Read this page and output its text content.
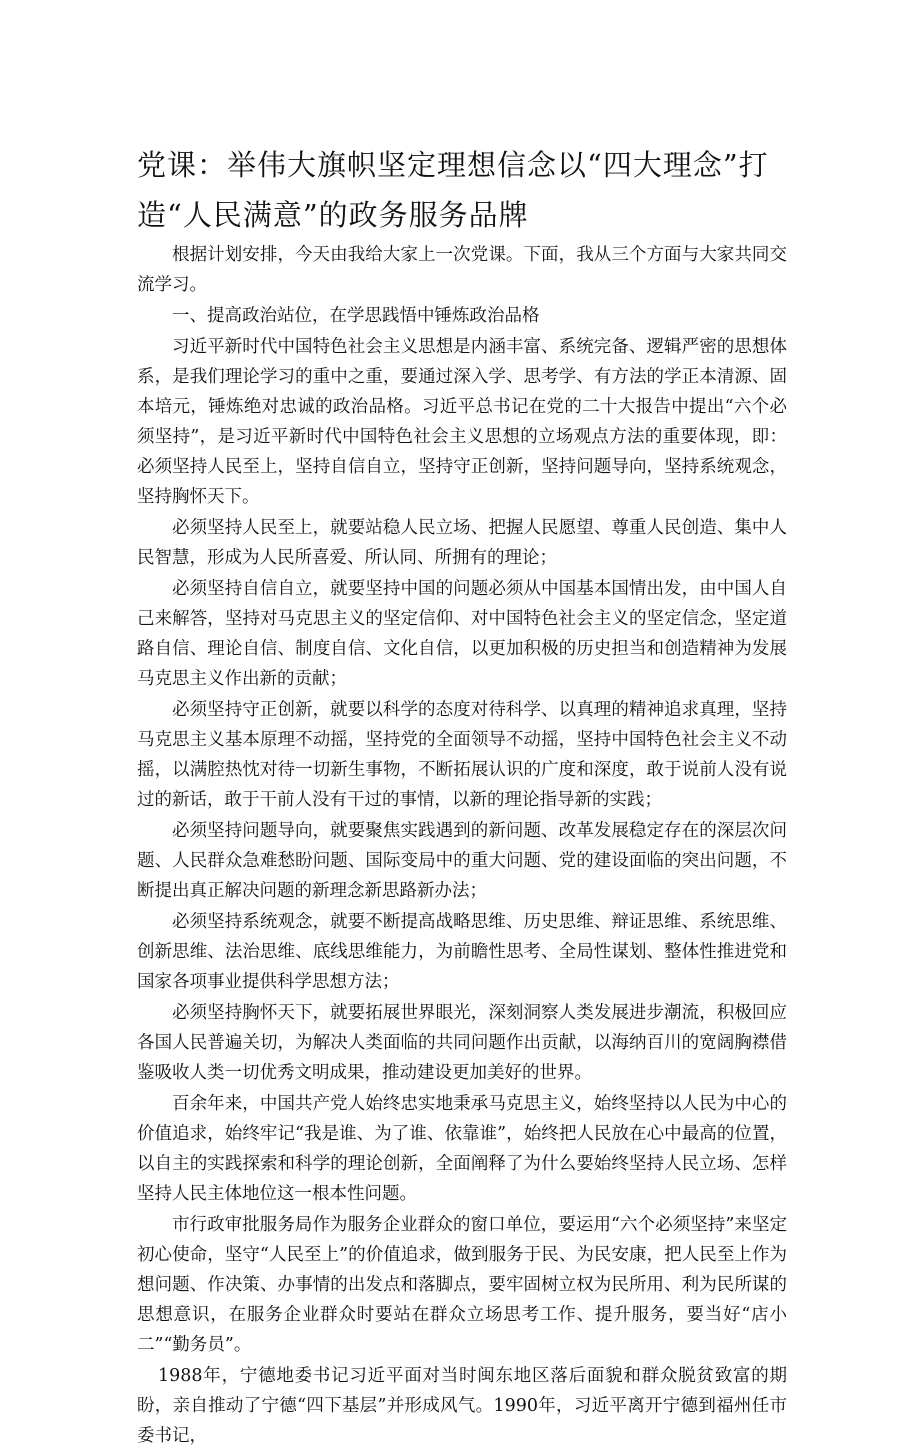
党课：举伟大旗帜坚定理想信念以“四大理念”打造“人民满意”的政务服务品牌

根据计划安排，今天由我给大家上一次党课。下面，我从三个方面与大家共同交流学习。

一、提高政治站位，在学思践悟中锤炼政治品格

习近平新时代中国特色社会主义思想是内涵丰富、系统完备、逻辑严密的思想体系，是我们理论学习的重中之重，要通过深入学、思考学、有方法的学正本清源、固本培元，锤炼绝对忠诚的政治品格。习近平总书记在党的二十大报告中提出“六个必须坚持”，是习近平新时代中国特色社会主义思想的立场观点方法的重要体现，即：必须坚持人民至上，坚持自信自立，坚持守正创新，坚持问题导向，坚持系统观念，坚持胸怀天下。

必须坚持人民至上，就要站稳人民立场、把握人民愿望、尊重人民创造、集中人民智慧，形成为人民所喜爱、所认同、所拥有的理论；

必须坚持自信自立，就要坚持中国的问题必须从中国基本国情出发，由中国人自己来解答，坚持对马克思主义的坚定信仰、对中国特色社会主义的坚定信念，坚定道路自信、理论自信、制度自信、文化自信，以更加积极的历史担当和创造精神为发展马克思主义作出新的贡献；

必须坚持守正创新，就要以科学的态度对待科学、以真理的精神追求真理，坚持马克思主义基本原理不动摇，坚持党的全面领导不动摇，坚持中国特色社会主义不动摇，以满腔热忱对待一切新生事物，不断拓展认识的广度和深度，敢于说前人没有说过的新话，敢于干前人没有干过的事情，以新的理论指导新的实践；

必须坚持问题导向，就要聚焦实践遇到的新问题、改革发展稳定存在的深层次问题、人民群众急难愁盼问题、国际变局中的重大问题、党的建设面临的突出问题，不断提出真正解决问题的新理念新思路新办法；

必须坚持系统观念，就要不断提高战略思维、历史思维、辩证思维、系统思维、创新思维、法治思维、底线思维能力，为前瞻性思考、全局性谋划、整体性推进党和国家各项事业提供科学思想方法；

必须坚持胸怀天下，就要拓展世界眼光，深刻洞察人类发展进步潮流，积极回应各国人民普遍关切，为解决人类面临的共同问题作出贡献，以海纳百川的宽阔胸襟借鉴吸收人类一切优秀文明成果，推动建设更加美好的世界。

百余年来，中国共产党人始终忠实地秉承马克思主义，始终坚持以人民为中心的价值追求，始终牢记“我是谁、为了谁、依靠谁”，始终把人民放在心中最高的位置，以自主的实践探索和科学的理论创新，全面阐释了为什么要始终坚持人民立场、怎样坚持人民主体地位这一根本性问题。

市行政审批服务局作为服务企业群众的窗口单位，要运用“六个必须坚持”来坚定初心使命，坚守“人民至上”的价值追求，做到服务于民、为民安康，把人民至上作为想问题、作决策、办事情的出发点和落脚点，要牢固树立权为民所用、利为民所谋的思想意识，在服务企业群众时要站在群众立场思考工作、提升服务，要当好“店小二”“勤务员”。

1988年，宁德地委书记习近平面对当时闽东地区落后面貌和群众脱贫致富的期盼，亲自推动了宁德“四下基层”并形成风气。1990年，习近平离开宁德到福州任市委书记，
